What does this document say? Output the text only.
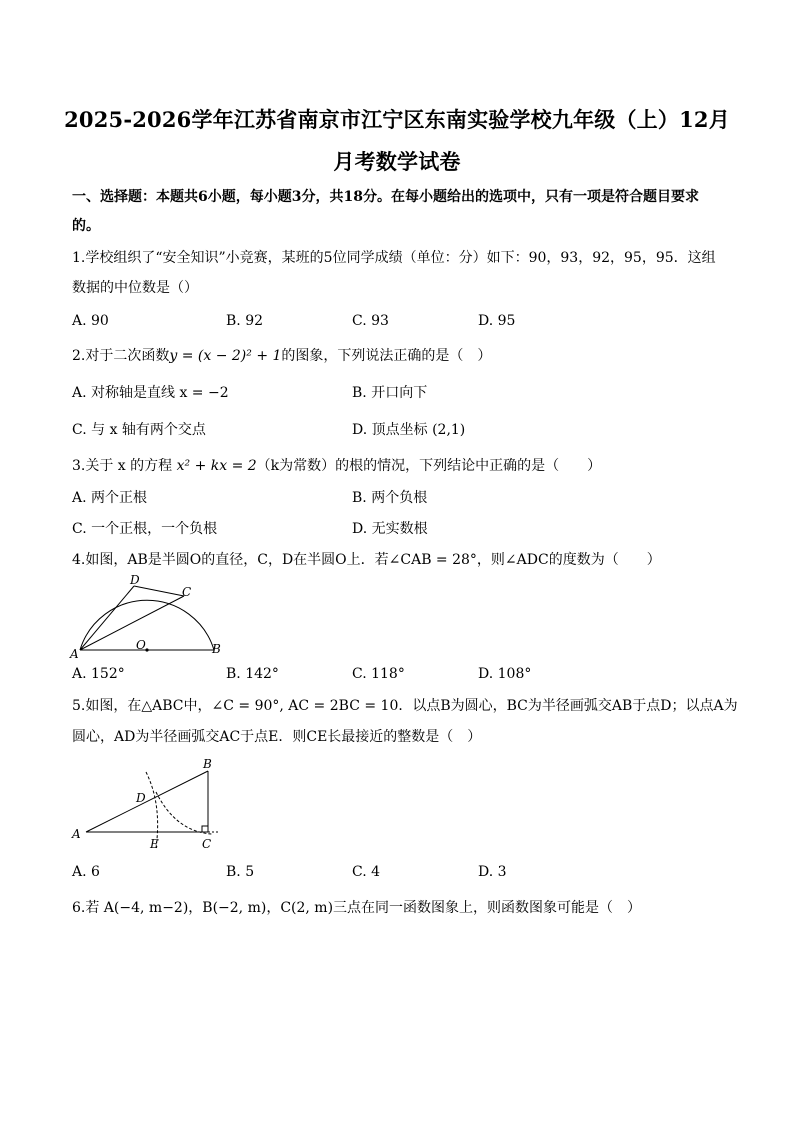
2025-2026学年江苏省南京市江宁区东南实验学校九年级（上）12月
月考数学试卷
一、选择题：本题共6小题，每小题3分，共18分。在每小题给出的选项中，只有一项是符合题目要求
的。
1.学校组织了“安全知识”小竞赛，某班的5位同学成绩（单位：分）如下：90，93，92，95，95．这组
数据的中位数是（）
A. 90	B. 92	C. 93	D. 95
2.对于二次函数y = (x − 2)² + 1的图象，下列说法正确的是（　）
A. 对称轴是直线 x = −2	B. 开口向下
C. 与 x 轴有两个交点	D. 顶点坐标 (2,1)
3.关于 x 的方程 x² + kx = 2（k为常数）的根的情况，下列结论中正确的是（　　）
A. 两个正根	B. 两个负根
C. 一个正根，一个负根	D. 无实数根
4.如图，AB是半圆O的直径，C，D在半圆O上．若∠CAB = 28°，则∠ADC的度数为（　　）
A	B
C
D
O
A. 152°	B. 142°	C. 118°	D. 108°
5.如图，在△ABC中，∠C = 90°, AC = 2BC = 10．以点B为圆心，BC为半径画弧交AB于点D；以点A为
圆心，AD为半径画弧交AC于点E．则CE长最接近的整数是（　）
A
B
C
D
E
A. 6	B. 5	C. 4	D. 3
6.若 A(−4, m−2)，B(−2, m)，C(2, m)三点在同一函数图象上，则函数图象可能是（　）
